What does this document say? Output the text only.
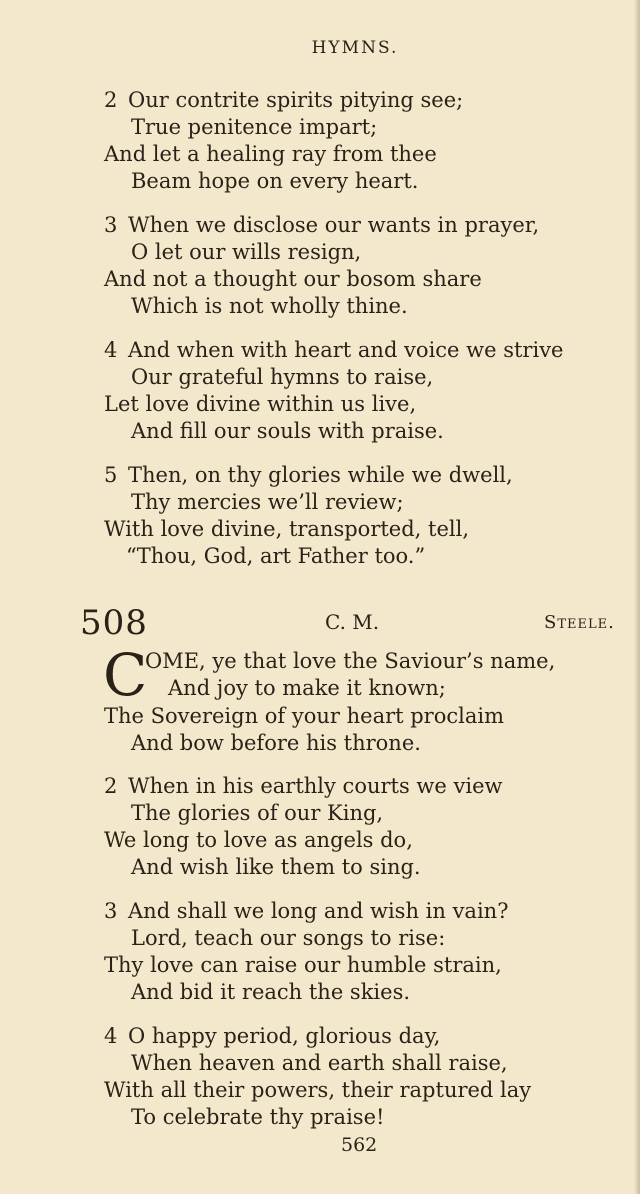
HYMNS.
2 Our contrite spirits pitying see;
True penitence impart;
And let a healing ray from thee
Beam hope on every heart.
3 When we disclose our wants in prayer,
O let our wills resign,
And not a thought our bosom share
Which is not wholly thine.
4 And when with heart and voice we strive
Our grateful hymns to raise,
Let love divine within us live,
And fill our souls with praise.
5 Then, on thy glories while we dwell,
Thy mercies we’ll review;
With love divine, transported, tell,
“Thou, God, art Father too.”
508	C. M.	Steele.
C
OME, ye that love the Saviour’s name,
And joy to make it known;
The Sovereign of your heart proclaim
And bow before his throne.
2 When in his earthly courts we view
The glories of our King,
We long to love as angels do,
And wish like them to sing.
3 And shall we long and wish in vain?
Lord, teach our songs to rise:
Thy love can raise our humble strain,
And bid it reach the skies.
4 O happy period, glorious day,
When heaven and earth shall raise,
With all their powers, their raptured lay
To celebrate thy praise!
562
